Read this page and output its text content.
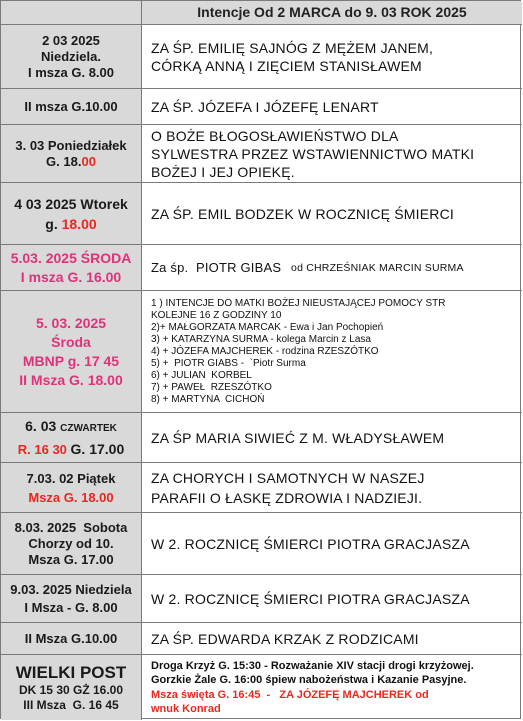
Intencje Od 2 MARCA do 9. 03 ROK 2025
2 03 2025
Niedziela.
I msza G. 8.00
ZA ŚP. EMILIĘ SAJNÓG Z MĘŻEM JANEM,
CÓRKĄ ANNĄ I ZIĘCIEM STANISŁAWEM
II msza G.10.00 ZA ŚP. JÓZEFA I JÓZEFĘ LENART
3. 03 Poniedziałek
G. 18.00
O BOŻE BŁOGOSŁAWIEŃSTWO DLA
SYLWESTRA PRZEZ WSTAWIENNICTWO MATKI
BOŻEJ I JEJ OPIEKĘ.
4 03 2025 Wtorek
g. 18.00
ZA ŚP. EMIL BODZEK W ROCZNICĘ ŚMIERCI
5.03. 2025 ŚRODA
I msza G. 16.00
Za śp.  PIOTR GIBAS od CHRZEŚNIAK MARCIN SURMA
5. 03. 2025
Środa
MBNP g. 17 45
II Msza G. 18.00
1 ) INTENCJE DO MATKI BOŻEJ NIEUSTAJĄCEJ POMOCY STR
KOLEJNE 16 Z GODZINY 10
2)+ MAŁGORZATA MARCAK - Ewa i Jan Pochopień
3) + KATARZYNA SURMA - kolega Marcin z Lasa
4) + JÓZEFA MAJCHEREK - rodzina RZESZÓTKO
5) +  PIOTR GIABS -  `Piotr Surma
6) + JULIAN  KORBEL
7) + PAWEŁ  RZESZÓTKO
8) + MARTYNA  CICHOŃ
6. 03 CZWARTEK
R. 16 30 G. 17.00
ZA ŚP MARIA SIWIEĆ Z M. WŁADYSŁAWEM
7.03. 02 Piątek
Msza G. 18.00
ZA CHORYCH I SAMOTNYCH W NASZEJ
PARAFII O ŁASKĘ ZDROWIA I NADZIEJI.
8.03. 2025  Sobota
Chorzy od 10.
Msza G. 17.00
W 2. ROCZNICĘ ŚMIERCI PIOTRA GRACJASZA
9.03. 2025 Niedziela
I Msza - G. 8.00
W 2. ROCZNICĘ ŚMIERCI PIOTRA GRACJASZA
II Msza G.10.00 ZA ŚP. EDWARDA KRZAK Z RODZICAMI
WIELKI POST
DK 15 30 GŻ 16.00
III Msza  G. 16 45
Droga Krzyż G. 15:30 - Rozważanie XIV stacji drogi krzyżowej.
Gorzkie Żale G. 16:00 śpiew nabożeństwa i Kazanie Pasyjne.
Msza święta G. 16:45  -   ZA JÓZEFĘ MAJCHEREK od
wnuk Konrad
